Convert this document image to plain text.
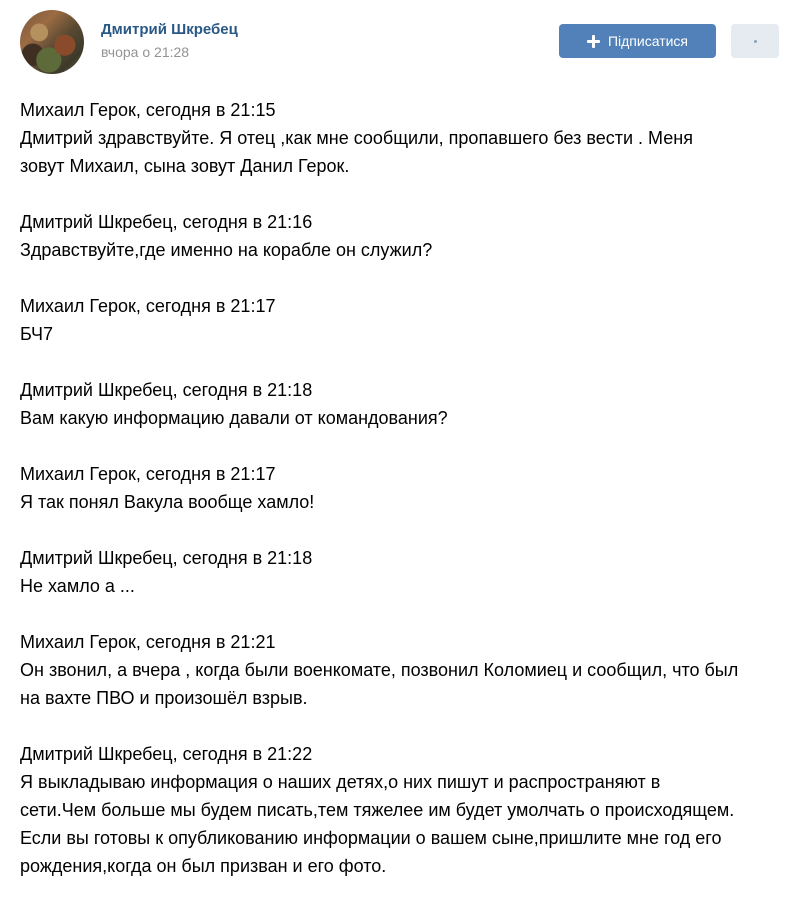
Дмитрий Шкребец
вчора о 21:28
Підписатися
Михаил Герок, сегодня в 21:15
Дмитрий здравствуйте. Я отец ,как мне сообщили, пропавшего без вести . Меня
зовут Михаил, сына зовут Данил Герок.
Дмитрий Шкребец, сегодня в 21:16
Здравствуйте,где именно на корабле он служил?
Михаил Герок, сегодня в 21:17
БЧ7
Дмитрий Шкребец, сегодня в 21:18
Вам какую информацию давали от командования?
Михаил Герок, сегодня в 21:17
Я так понял Вакула вообще хамло!
Дмитрий Шкребец, сегодня в 21:18
Не хамло а ...
Михаил Герок, сегодня в 21:21
Он звонил, а вчера , когда были военкомате, позвонил Коломиец и сообщил, что был
на вахте ПВО и произошёл взрыв.
Дмитрий Шкребец, сегодня в 21:22
Я выкладываю информация о наших детях,о них пишут и распространяют в
сети.Чем больше мы будем писать,тем тяжелее им будет умолчать о происходящем.
Если вы готовы к опубликованию информации о вашем сыне,пришлите мне год его
рождения,когда он был призван и его фото.
